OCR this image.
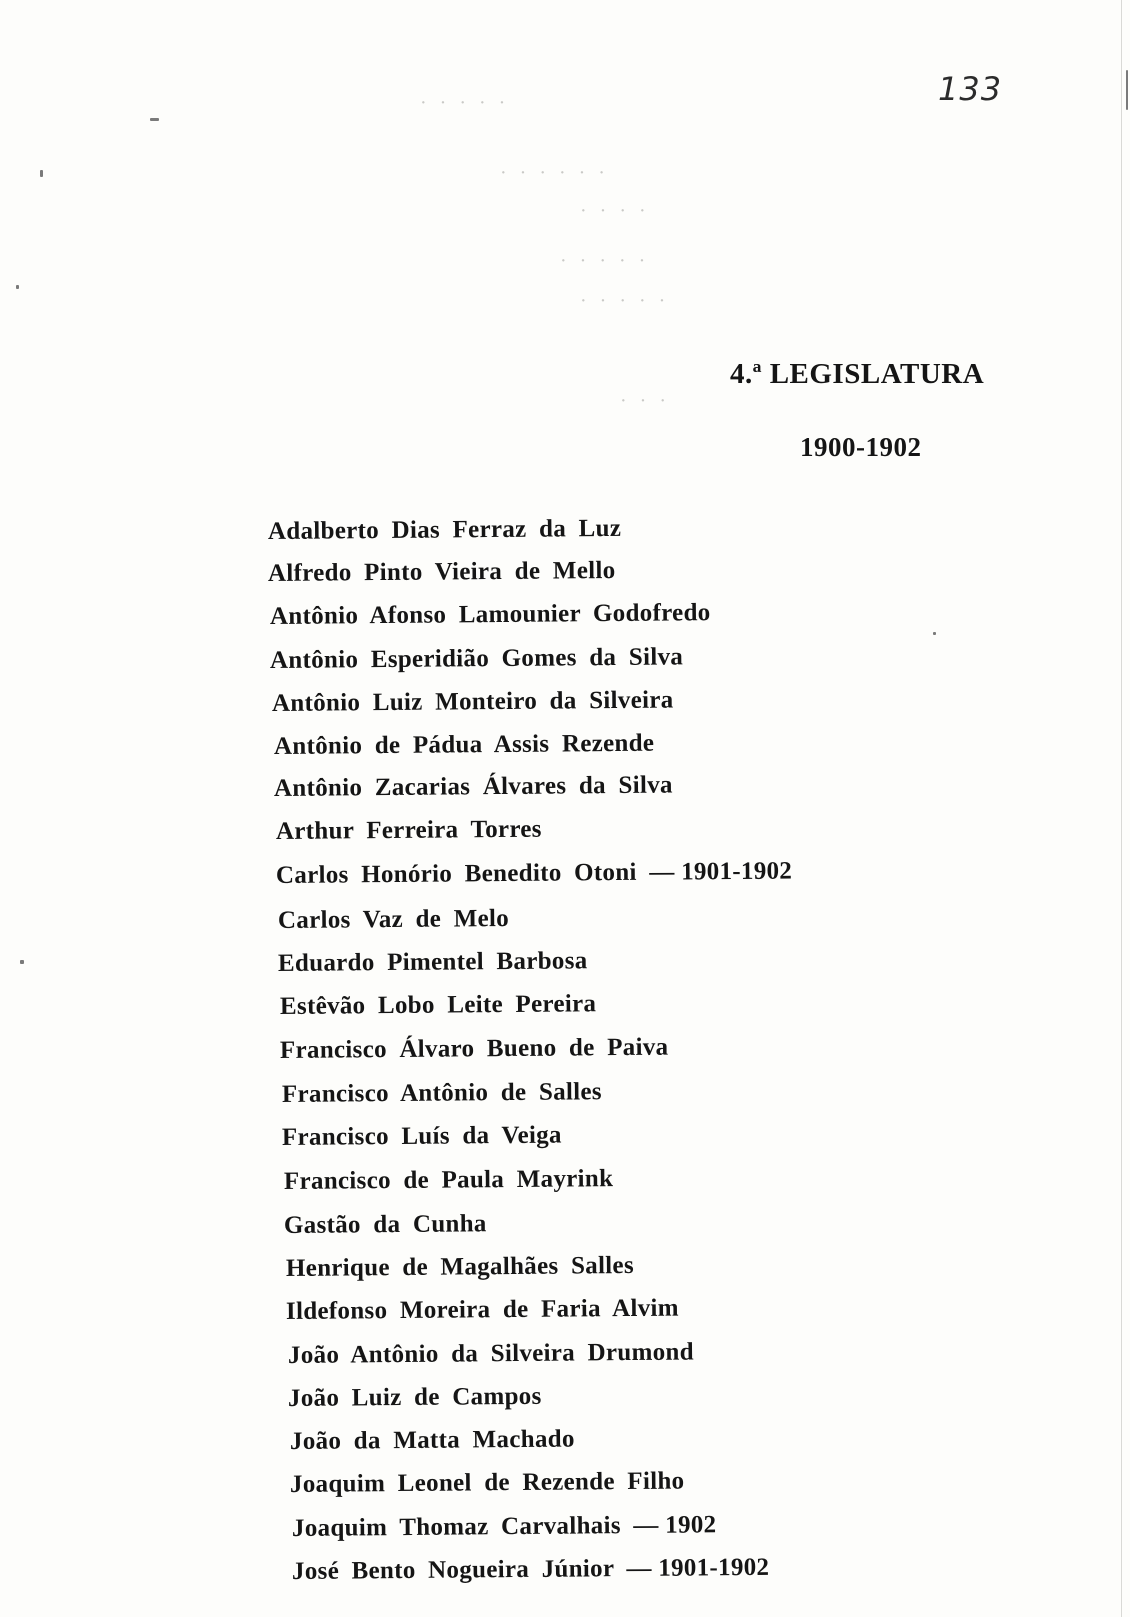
· · · · ·
· · · · · ·
· · · ·
· · · · ·
· · · · ·
· · ·
133
4.ª LEGISLATURA
1900-1902
Adalberto Dias Ferraz da Luz
Alfredo Pinto Vieira de Mello
Antônio Afonso Lamounier Godofredo
Antônio Esperidião Gomes da Silva
Antônio Luiz Monteiro da Silveira
Antônio de Pádua Assis Rezende
Antônio Zacarias Álvares da Silva
Arthur Ferreira Torres
Carlos Honório Benedito Otoni — 1901-1902
Carlos Vaz de Melo
Eduardo Pimentel Barbosa
Estêvão Lobo Leite Pereira
Francisco Álvaro Bueno de Paiva
Francisco Antônio de Salles
Francisco Luís da Veiga
Francisco de Paula Mayrink
Gastão da Cunha
Henrique de Magalhães Salles
Ildefonso Moreira de Faria Alvim
João Antônio da Silveira Drumond
João Luiz de Campos
João da Matta Machado
Joaquim Leonel de Rezende Filho
Joaquim Thomaz Carvalhais — 1902
José Bento Nogueira Júnior — 1901-1902
